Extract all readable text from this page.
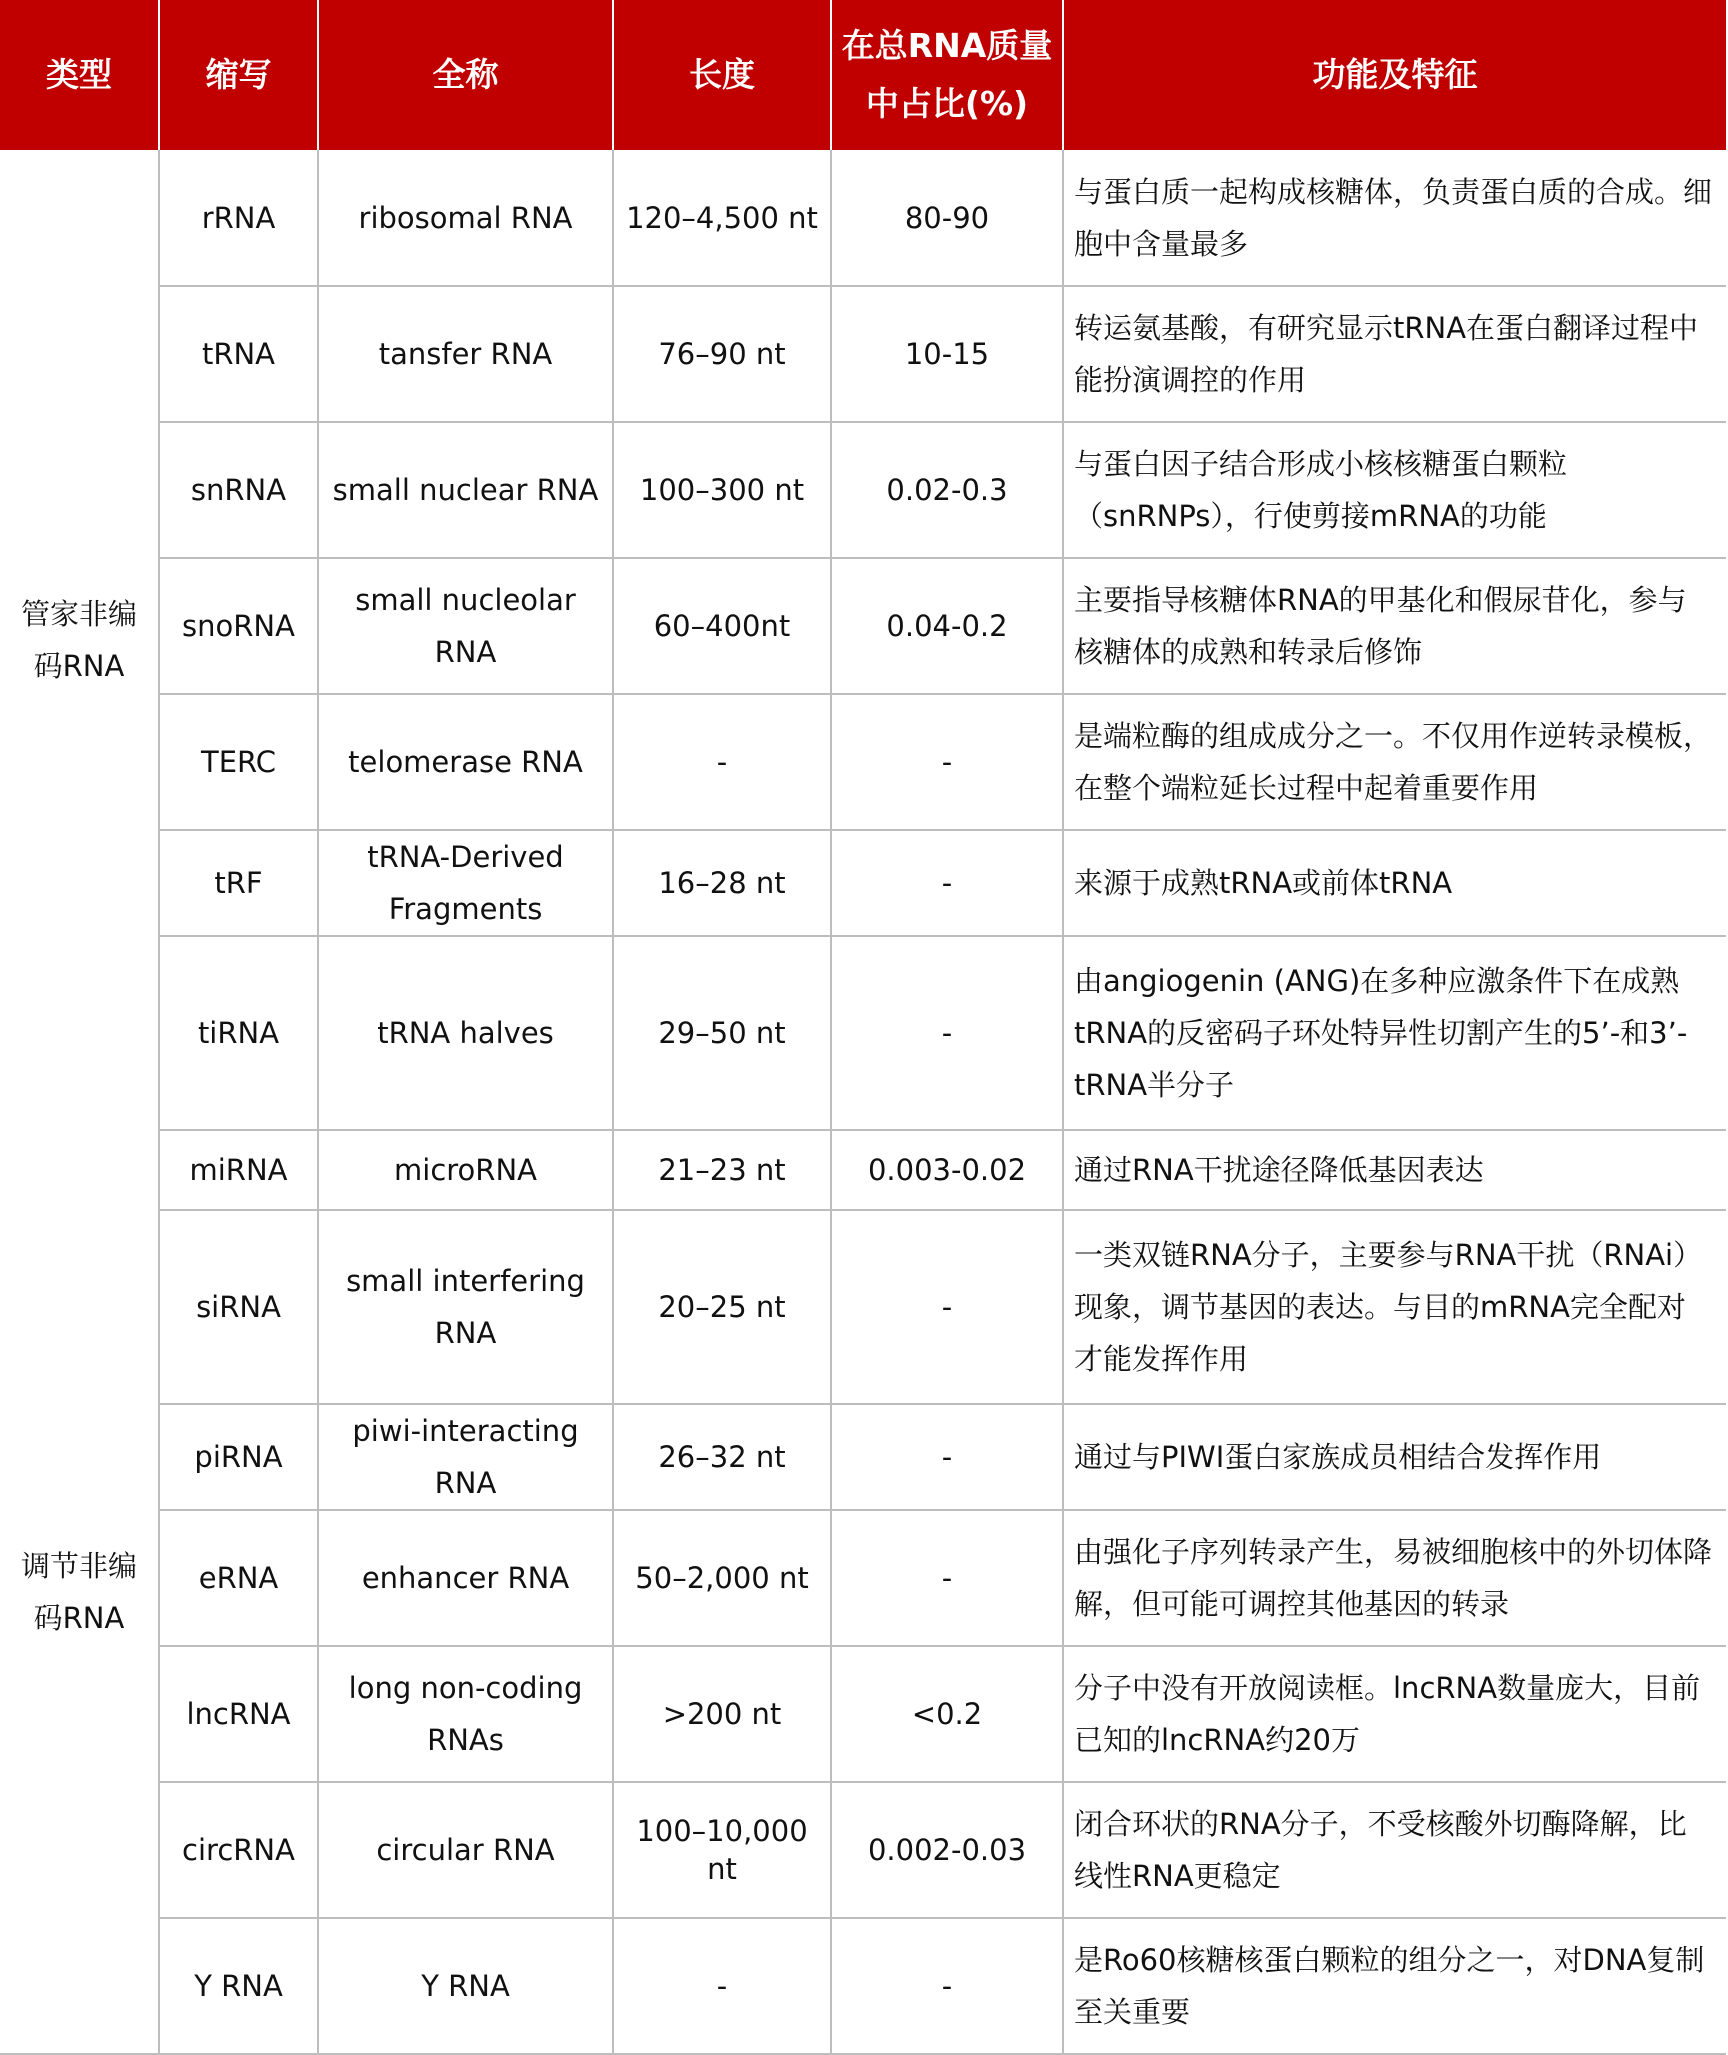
类型	缩写	全称	长度	在总RNA质量中占比(%)	功能及特征
管家非编码RNA	rRNA	ribosomal RNA	120–4,500 nt	80-90	与蛋白质一起构成核糖体，负责蛋白质的合成。细胞中含量最多
	tRNA	tansfer RNA	76–90 nt	10-15	转运氨基酸，有研究显示tRNA在蛋白翻译过程中能扮演调控的作用
	snRNA	small nuclear RNA	100–300 nt	0.02-0.3	与蛋白因子结合形成小核核糖蛋白颗粒（snRNPs），行使剪接mRNA的功能
	snoRNA	small nucleolar RNA	60–400nt	0.04-0.2	主要指导核糖体RNA的甲基化和假尿苷化，参与核糖体的成熟和转录后修饰
	TERC	telomerase RNA	-	-	是端粒酶的组成成分之一。不仅用作逆转录模板，在整个端粒延长过程中起着重要作用
	tRF	tRNA-Derived Fragments	16–28 nt	-	来源于成熟tRNA或前体tRNA
	tiRNA	tRNA halves	29–50 nt	-	由angiogenin (ANG)在多种应激条件下在成熟tRNA的反密码子环处特异性切割产生的5’-和3’- tRNA半分子
调节非编码RNA	miRNA	microRNA	21–23 nt	0.003-0.02	通过RNA干扰途径降低基因表达
	siRNA	small interfering RNA	20–25 nt	-	一类双链RNA分子，主要参与RNA干扰（RNAi）现象，调节基因的表达。与目的mRNA完全配对才能发挥作用
	piRNA	piwi-interacting RNA	26–32 nt	-	通过与PIWI蛋白家族成员相结合发挥作用
	eRNA	enhancer RNA	50–2,000 nt	-	由强化子序列转录产生，易被细胞核中的外切体降解，但可能可调控其他基因的转录
	lncRNA	long non-coding RNAs	>200 nt	<0.2	分子中没有开放阅读框。lncRNA数量庞大，目前已知的lncRNA约20万
	circRNA	circular RNA	100–10,000 nt	0.002-0.03	闭合环状的RNA分子，不受核酸外切酶降解，比线性RNA更稳定
	Y RNA	Y RNA	-	-	是Ro60核糖核蛋白颗粒的组分之一，对DNA复制至关重要
